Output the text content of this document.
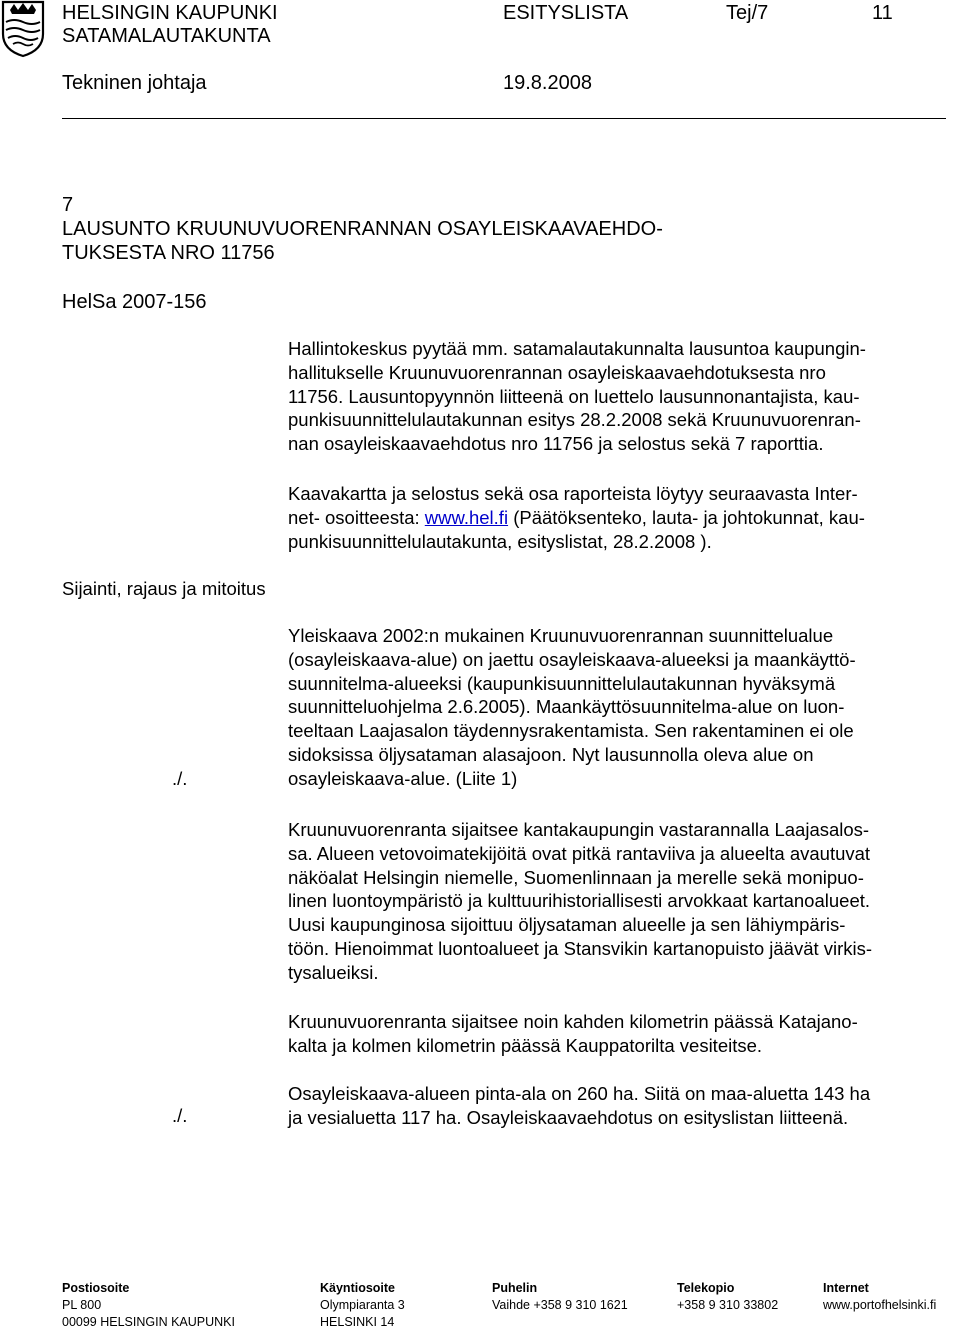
HELSINGIN KAUPUNKI
SATAMALAUTAKUNTA
ESITYSLISTA	Tej/7	11
Tekninen johtaja	19.8.2008
7
LAUSUNTO KRUUNUVUORENRANNAN OSAYLEISKAAVAEHDO-
TUKSESTA NRO 11756
HelSa 2007-156
Sijainti, rajaus ja mitoitus
./.
./.
Hallintokeskus pyytää mm. satamalautakunnalta lausuntoa kaupungin-
hallitukselle Kruunuvuorenrannan osayleiskaavaehdotuksesta nro
11756. Lausuntopyynnön liitteenä on luettelo lausunnonantajista, kau-
punkisuunnittelulautakunnan esitys 28.2.2008 sekä Kruunuvuorenran-
nan osayleiskaavaehdotus nro 11756 ja selostus sekä 7 raporttia.
Kaavakartta ja selostus sekä osa raporteista löytyy seuraavasta Inter-
net- osoitteesta: www.hel.fi (Päätöksenteko, lauta- ja johtokunnat, kau-
punkisuunnittelulautakunta, esityslistat, 28.2.2008 ).
Yleiskaava 2002:n mukainen Kruunuvuorenrannan suunnittelualue
(osayleiskaava-alue) on jaettu osayleiskaava-alueeksi ja maankäyttö-
suunnitelma-alueeksi (kaupunkisuunnittelulautakunnan hyväksymä
suunnitteluohjelma 2.6.2005). Maankäyttösuunnitelma-alue on luon-
teeltaan Laajasalon täydennysrakentamista. Sen rakentaminen ei ole
sidoksissa öljysataman alasajoon. Nyt lausunnolla oleva alue on
osayleiskaava-alue. (Liite 1)
Kruunuvuorenranta sijaitsee kantakaupungin vastarannalla Laajasalos-
sa. Alueen vetovoimatekijöitä ovat pitkä rantaviiva ja alueelta avautuvat
näköalat Helsingin niemelle, Suomenlinnaan ja merelle sekä monipuo-
linen luontoympäristö ja kulttuurihistoriallisesti arvokkaat kartanoalueet.
Uusi kaupunginosa sijoittuu öljysataman alueelle ja sen lähiympäris-
töön. Hienoimmat luontoalueet ja Stansvikin kartanopuisto jäävät virkis-
tysalueiksi.
Kruunuvuorenranta sijaitsee noin kahden kilometrin päässä Katajano-
kalta ja kolmen kilometrin päässä Kauppatorilta vesiteitse.
Osayleiskaava-alueen pinta-ala on 260 ha. Siitä on maa-aluetta 143 ha
ja vesialuetta 117 ha. Osayleiskaavaehdotus on esityslistan liitteenä.
Postiosoite
PL 800
00099 HELSINGIN KAUPUNKI
Käyntiosoite
Olympiaranta 3
HELSINKI 14
Puhelin
Vaihde +358 9 310 1621
Telekopio
+358 9 310 33802
Internet
www.portofhelsinki.fi
